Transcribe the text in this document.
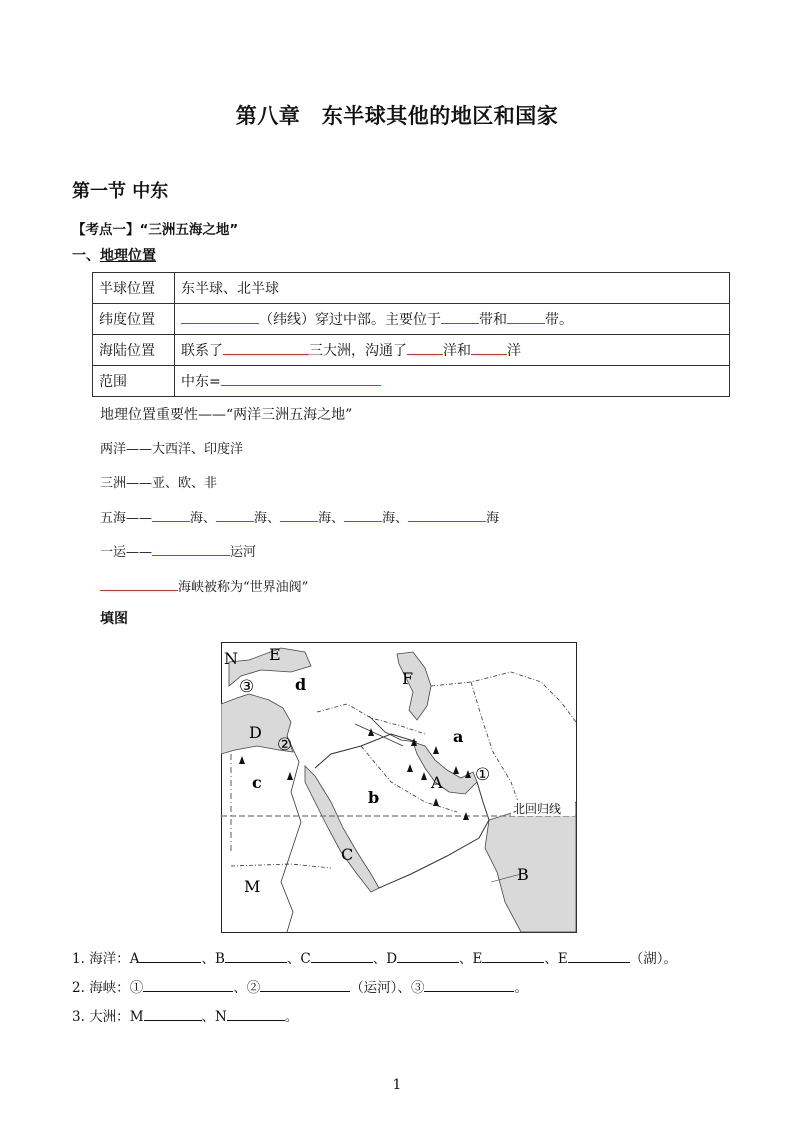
第八章　东半球其他的地区和国家
第一节 中东
【考点一】“三洲五海之地”
一、地理位置
半球位置	东半球、北半球
纬度位置	（纬线）穿过中部。主要位于 带和 带。
海陆位置	联系了 三大洲，沟通了 洋和 洋
范围	中东=
地理位置重要性——“两洋三洲五海之地”
两洋——大西洋、印度洋
三洲——亚、欧、非
五海——	海、	海、	海、	海、	海
一运——	运河
海峡被称为“世界油阀”
填图
N E
d	F
D	a
c
b
A
C
M
B
③
②
①
北回归线
1. 海洋：A	、B	、C	、D	、E	、E	（湖）。
2. 海峡：①	、②	（运河）、③	。
3. 大洲：M	、N	。
1
